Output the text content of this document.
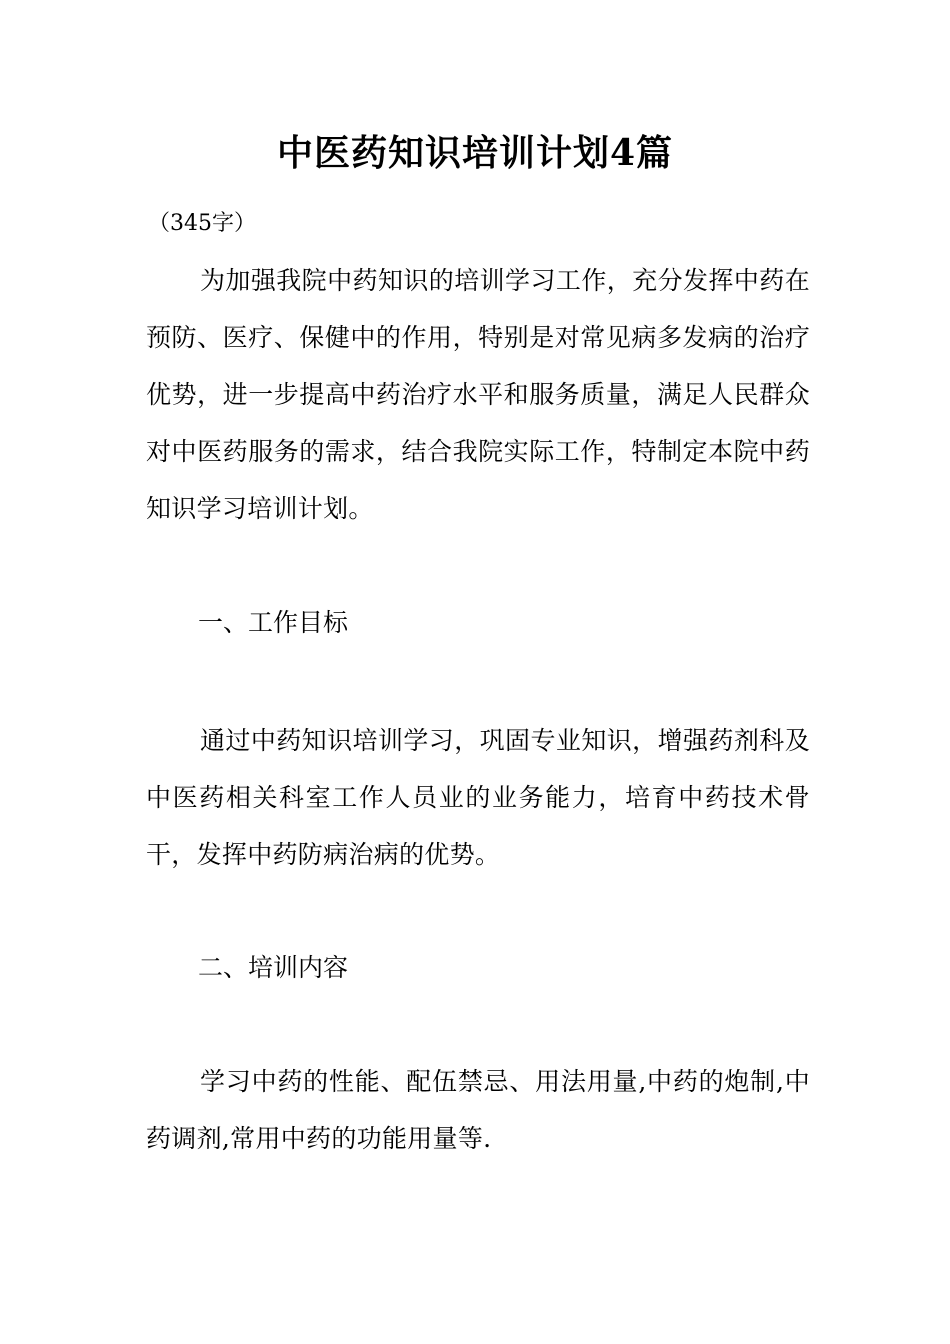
中医药知识培训计划4篇
（345字）

为加强我院中药知识的培训学习工作，充分发挥中药在预防、医疗、保健中的作用，特别是对常见病多发病的治疗优势，进一步提高中药治疗水平和服务质量，满足人民群众对中医药服务的需求，结合我院实际工作，特制定本院中药知识学习培训计划。

一、工作目标

通过中药知识培训学习，巩固专业知识，增强药剂科及中医药相关科室工作人员业的业务能力，培育中药技术骨干，发挥中药防病治病的优势。

二、培训内容

学习中药的性能、配伍禁忌、用法用量,中药的炮制,中药调剂,常用中药的功能用量等.
